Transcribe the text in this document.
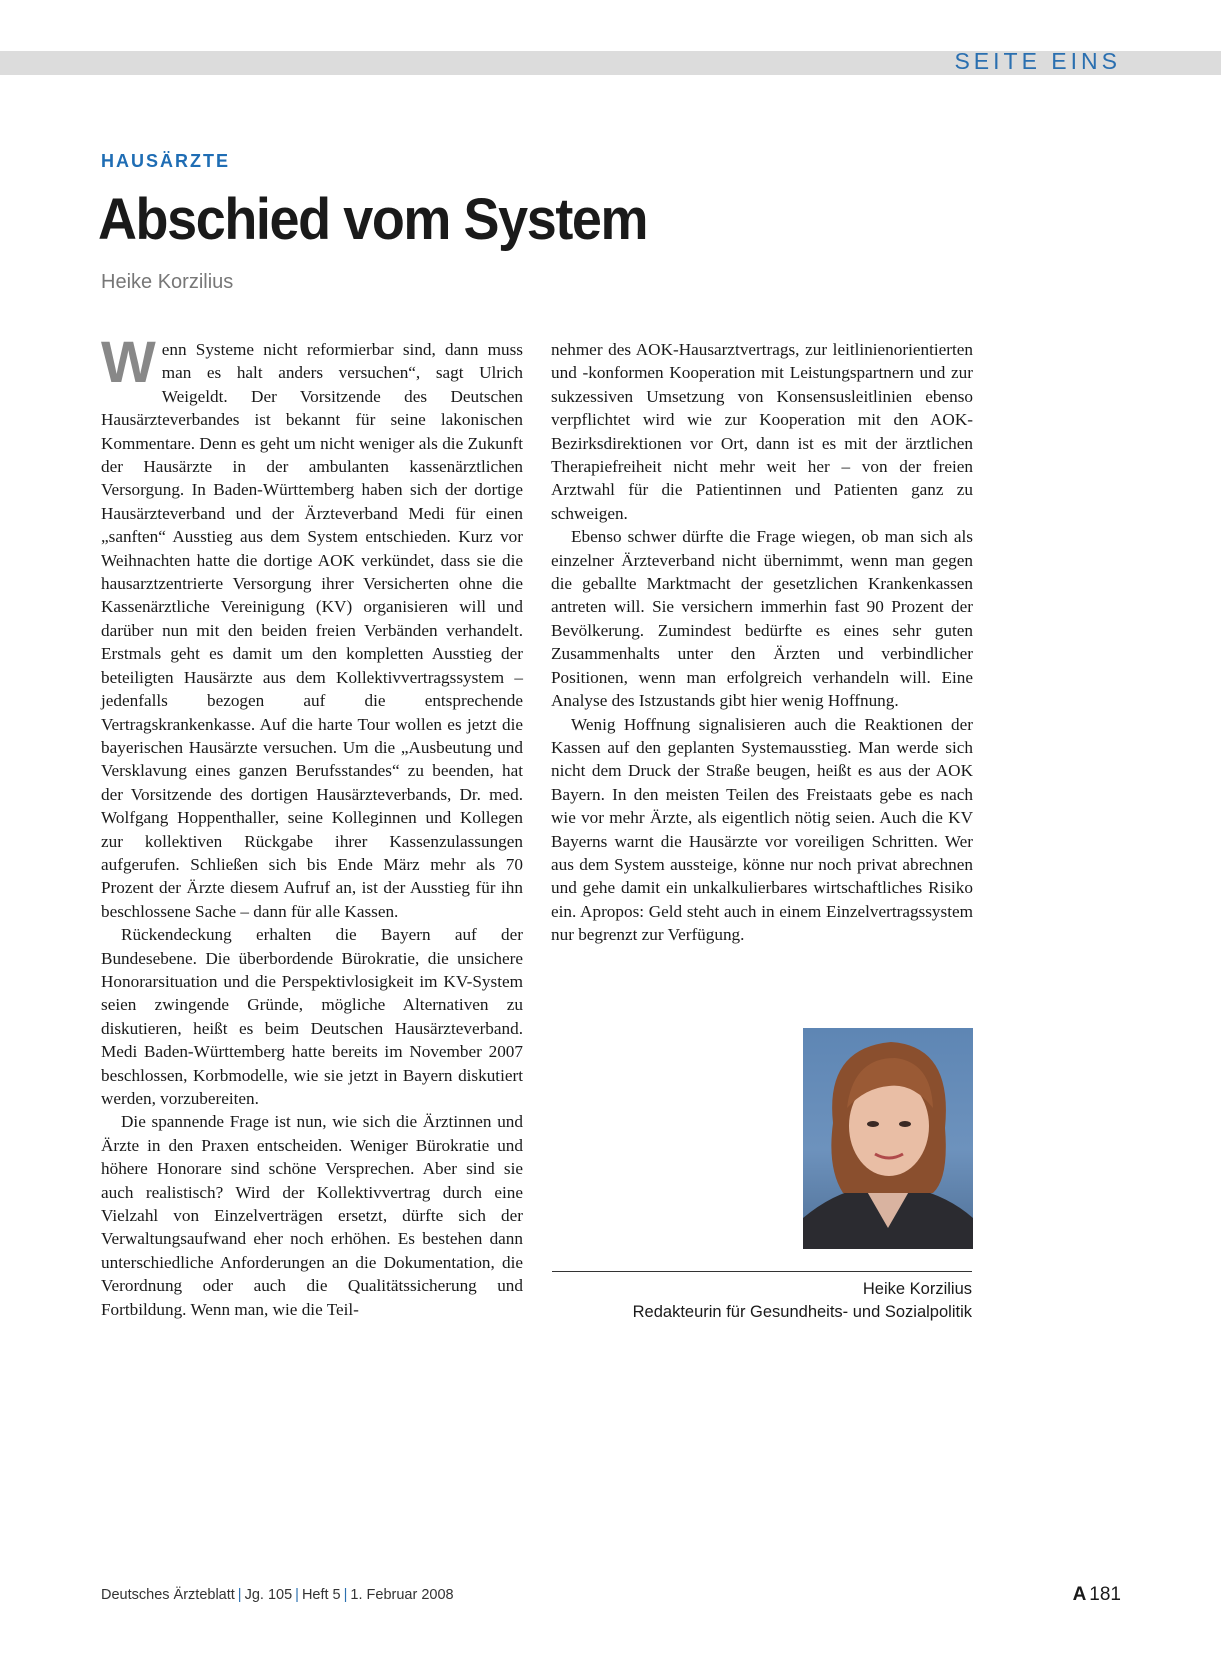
SEITE EINS
HAUSÄRZTE
Abschied vom System
Heike Korzilius

Wenn Systeme nicht reformierbar sind, dann muss man es halt anders versuchen“, sagt Ulrich Weigeldt. Der Vorsitzende des Deutschen Hausärzteverbandes ist bekannt für seine lakonischen Kommentare. Denn es geht um nicht weniger als die Zukunft der Hausärzte in der ambulanten kassenärztlichen Versorgung. In Baden-Württemberg haben sich der dortige Hausärzteverband und der Ärzteverband Medi für einen „sanften“ Ausstieg aus dem System entschieden. Kurz vor Weihnachten hatte die dortige AOK verkündet, dass sie die hausarztzentrierte Versorgung ihrer Versicherten ohne die Kassenärztliche Vereinigung (KV) organisieren will und darüber nun mit den beiden freien Verbänden verhandelt. Erstmals geht es damit um den kompletten Ausstieg der beteiligten Hausärzte aus dem Kollektivvertragssystem – jedenfalls bezogen auf die entsprechende Vertragskrankenkasse. Auf die harte Tour wollen es jetzt die bayerischen Hausärzte versuchen. Um die „Ausbeutung und Versklavung eines ganzen Berufsstandes“ zu beenden, hat der Vorsitzende des dortigen Hausärzteverbands, Dr. med. Wolfgang Hoppenthaller, seine Kolleginnen und Kollegen zur kollektiven Rückgabe ihrer Kassenzulassungen aufgerufen. Schließen sich bis Ende März mehr als 70 Prozent der Ärzte diesem Aufruf an, ist der Ausstieg für ihn beschlossene Sache – dann für alle Kassen.

Rückendeckung erhalten die Bayern auf der Bundesebene. Die überbordende Bürokratie, die unsichere Honorarsituation und die Perspektivlosigkeit im KV-System seien zwingende Gründe, mögliche Alternativen zu diskutieren, heißt es beim Deutschen Hausärzteverband. Medi Baden-Württemberg hatte bereits im November 2007 beschlossen, Korbmodelle, wie sie jetzt in Bayern diskutiert werden, vorzubereiten.

Die spannende Frage ist nun, wie sich die Ärztinnen und Ärzte in den Praxen entscheiden. Weniger Bürokratie und höhere Honorare sind schöne Versprechen. Aber sind sie auch realistisch? Wird der Kollektivvertrag durch eine Vielzahl von Einzelverträgen ersetzt, dürfte sich der Verwaltungsaufwand eher noch erhöhen. Es bestehen dann unterschiedliche Anforderungen an die Dokumentation, die Verordnung oder auch die Qualitätssicherung und Fortbildung. Wenn man, wie die Teil-

nehmer des AOK-Hausarztvertrags, zur leitlinienorientierten und -konformen Kooperation mit Leistungspartnern und zur sukzessiven Umsetzung von Konsensusleitlinien ebenso verpflichtet wird wie zur Kooperation mit den AOK-Bezirksdirektionen vor Ort, dann ist es mit der ärztlichen Therapiefreiheit nicht mehr weit her – von der freien Arztwahl für die Patientinnen und Patienten ganz zu schweigen.

Ebenso schwer dürfte die Frage wiegen, ob man sich als einzelner Ärzteverband nicht übernimmt, wenn man gegen die geballte Marktmacht der gesetzlichen Krankenkassen antreten will. Sie versichern immerhin fast 90 Prozent der Bevölkerung. Zumindest bedürfte es eines sehr guten Zusammenhalts unter den Ärzten und verbindlicher Positionen, wenn man erfolgreich verhandeln will. Eine Analyse des Istzustands gibt hier wenig Hoffnung.

Wenig Hoffnung signalisieren auch die Reaktionen der Kassen auf den geplanten Systemausstieg. Man werde sich nicht dem Druck der Straße beugen, heißt es aus der AOK Bayern. In den meisten Teilen des Freistaats gebe es nach wie vor mehr Ärzte, als eigentlich nötig seien. Auch die KV Bayerns warnt die Hausärzte vor voreiligen Schritten. Wer aus dem System aussteige, könne nur noch privat abrechnen und gehe damit ein unkalkulierbares wirtschaftliches Risiko ein. Apropos: Geld steht auch in einem Einzelvertragssystem nur begrenzt zur Verfügung.

Heike Korzilius
Redakteurin für Gesundheits- und Sozialpolitik
Deutsches Ärzteblatt | Jg. 105 | Heft 5 | 1. Februar 2008	A 181
